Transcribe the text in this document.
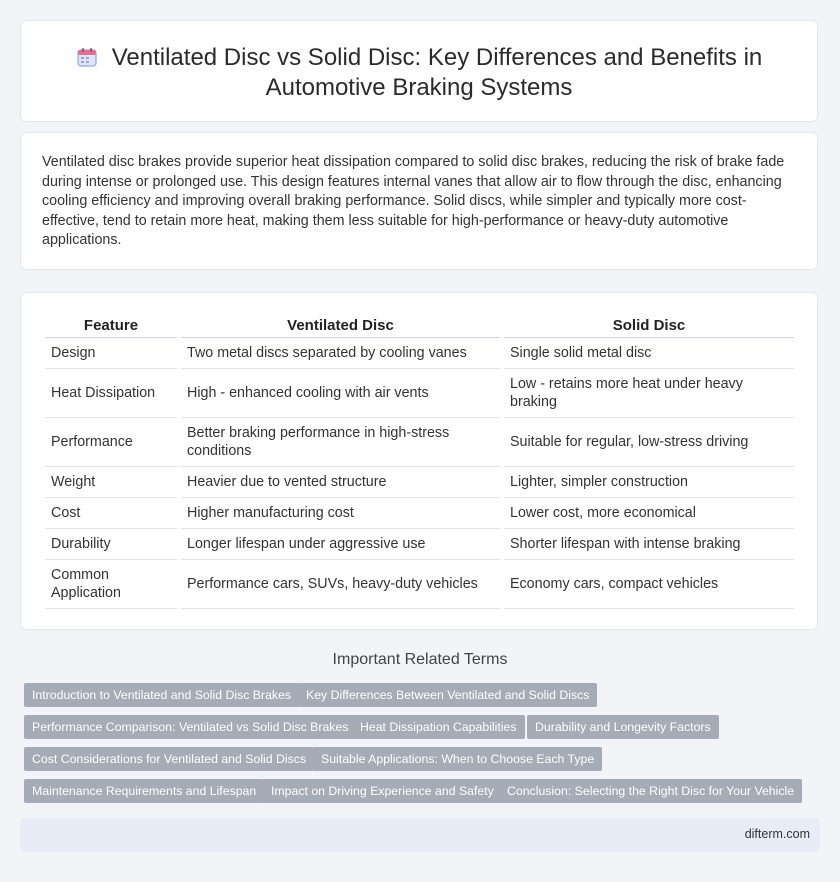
Ventilated Disc vs Solid Disc: Key Differences and Benefits in Automotive Braking Systems

Ventilated disc brakes provide superior heat dissipation compared to solid disc brakes, reducing the risk of brake fade during intense or prolonged use. This design features internal vanes that allow air to flow through the disc, enhancing cooling efficiency and improving overall braking performance. Solid discs, while simpler and typically more cost-effective, tend to retain more heat, making them less suitable for high-performance or heavy-duty automotive applications.

Feature	Ventilated Disc	Solid Disc
Design	Two metal discs separated by cooling vanes	Single solid metal disc
Heat Dissipation	High - enhanced cooling with air vents	Low - retains more heat under heavy braking
Performance	Better braking performance in high-stress conditions	Suitable for regular, low-stress driving
Weight	Heavier due to vented structure	Lighter, simpler construction
Cost	Higher manufacturing cost	Lower cost, more economical
Durability	Longer lifespan under aggressive use	Shorter lifespan with intense braking
Common Application	Performance cars, SUVs, heavy-duty vehicles	Economy cars, compact vehicles
Important Related Terms
Introduction to Ventilated and Solid Disc Brakes	Key Differences Between Ventilated and Solid Discs
Performance Comparison: Ventilated vs Solid Disc Brakes Heat Dissipation Capabilities	Durability and Longevity Factors
Cost Considerations for Ventilated and Solid Discs	Suitable Applications: When to Choose Each Type
Maintenance Requirements and Lifespan	Impact on Driving Experience and Safety	Conclusion: Selecting the Right Disc for Your Vehicle
difterm.com
